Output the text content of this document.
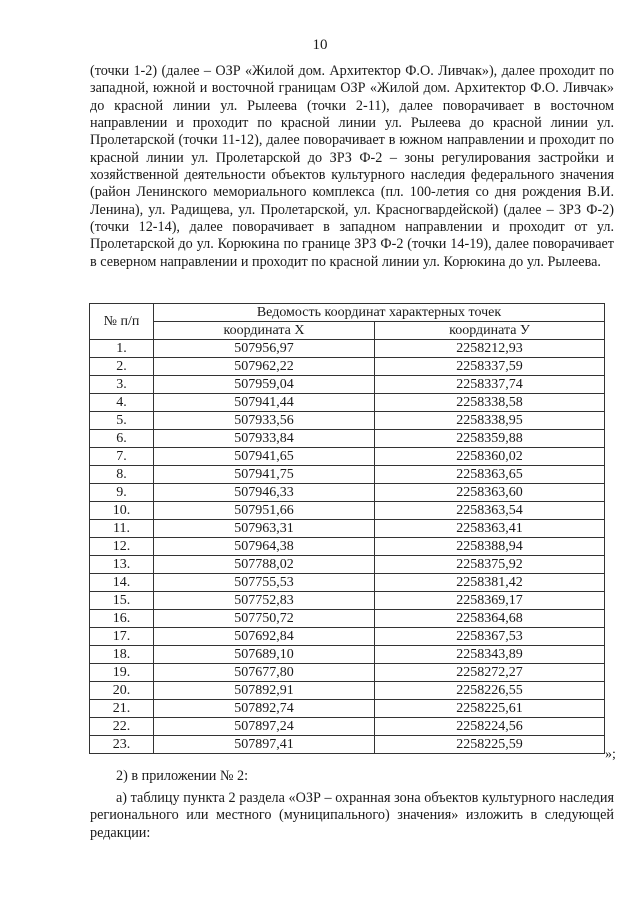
10
(точки 1-2) (далее – ОЗР «Жилой дом. Архитектор Ф.О. Ливчак»), далее проходит по западной, южной и восточной границам ОЗР «Жилой дом. Архитектор Ф.О. Ливчак» до красной линии ул. Рылеева (точки 2-11), далее поворачивает в восточном направлении и проходит по красной линии ул. Рылеева до красной линии ул. Пролетарской (точки 11-12), далее поворачивает в южном направлении и проходит по красной линии ул. Пролетарской до ЗРЗ Ф-2 – зоны регулирования застройки и хозяйственной деятельности объектов культурного наследия федерального значения (район Ленинского мемориального комплекса (пл. 100-летия со дня рождения В.И. Ленина), ул. Радищева, ул. Пролетарской, ул. Красногвардейской) (далее – ЗРЗ Ф-2) (точки 12-14), далее поворачивает в западном направлении и проходит от ул. Пролетарской до ул. Корюкина по границе ЗРЗ Ф-2 (точки 14-19), далее поворачивает в северном направлении и проходит по красной линии ул. Корюкина до ул. Рылеева.
№ п/п	Ведомость координат характерных точек	
	координата X	координата У
1.	507956,97	2258212,93
2.	507962,22	2258337,59
3.	507959,04	2258337,74
4.	507941,44	2258338,58
5.	507933,56	2258338,95
6.	507933,84	2258359,88
7.	507941,65	2258360,02
8.	507941,75	2258363,65
9.	507946,33	2258363,60
10.	507951,66	2258363,54
11.	507963,31	2258363,41
12.	507964,38	2258388,94
13.	507788,02	2258375,92
14.	507755,53	2258381,42
15.	507752,83	2258369,17
16.	507750,72	2258364,68
17.	507692,84	2258367,53
18.	507689,10	2258343,89
19.	507677,80	2258272,27
20.	507892,91	2258226,55
21.	507892,74	2258225,61
22.	507897,24	2258224,56
23.	507897,41	2258225,59
»;
2) в приложении № 2:
а) таблицу пункта 2 раздела «ОЗР – охранная зона объектов культурного наследия регионального или местного (муниципального) значения» изложить в следующей редакции:
